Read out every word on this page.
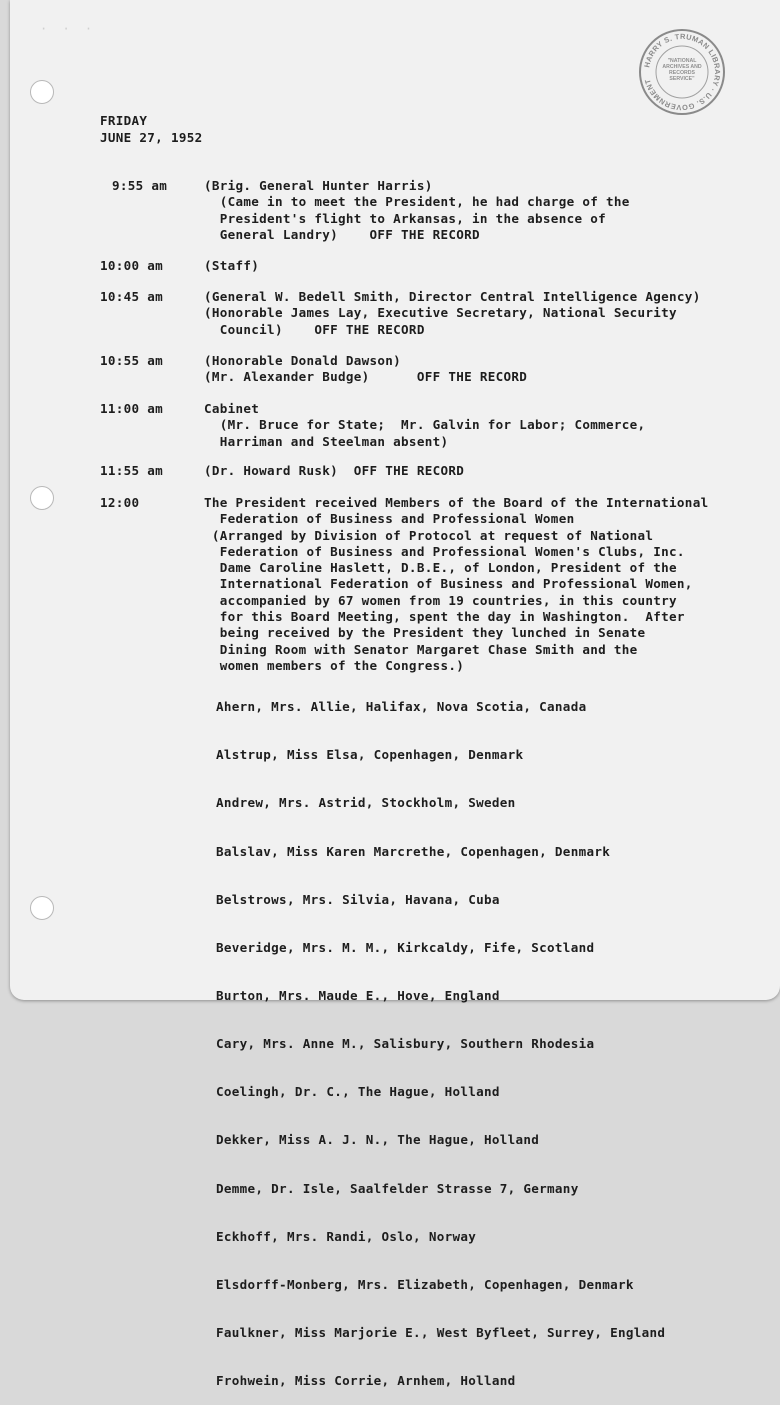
· · ·
HARRY S. TRUMAN LIBRARY · U.S. GOVERNMENT
"NATIONAL ARCHIVES AND RECORDS SERVICE"
FRIDAY
JUNE 27, 1952
9:55 am	(Brig. General Hunter Harris)
(Came in to meet the President, he had charge of the
President's flight to Arkansas, in the absence of
General Landry)    OFF THE RECORD
10:00 am	(Staff)
10:45 am	(General W. Bedell Smith, Director Central Intelligence Agency)
(Honorable James Lay, Executive Secretary, National Security
Council)    OFF THE RECORD
10:55 am	(Honorable Donald Dawson)
(Mr. Alexander Budge)      OFF THE RECORD
11:00 am	Cabinet
(Mr. Bruce for State;  Mr. Galvin for Labor; Commerce,
Harriman and Steelman absent)
11:55 am	(Dr. Howard Rusk)  OFF THE RECORD
12:00	The President received Members of the Board of the International
Federation of Business and Professional Women
(Arranged by Division of Protocol at request of National
Federation of Business and Professional Women's Clubs, Inc.
Dame Caroline Haslett, D.B.E., of London, President of the
International Federation of Business and Professional Women,
accompanied by 67 women from 19 countries, in this country
for this Board Meeting, spent the day in Washington.  After
being received by the President they lunched in Senate
Dining Room with Senator Margaret Chase Smith and the
women members of the Congress.)

Ahern, Mrs. Allie, Halifax, Nova Scotia, Canada

Alstrup, Miss Elsa, Copenhagen, Denmark

Andrew, Mrs. Astrid, Stockholm, Sweden

Balslav, Miss Karen Marcrethe, Copenhagen, Denmark

Belstrows, Mrs. Silvia, Havana, Cuba

Beveridge, Mrs. M. M., Kirkcaldy, Fife, Scotland

Burton, Mrs. Maude E., Hove, England

Cary, Mrs. Anne M., Salisbury, Southern Rhodesia

Coelingh, Dr. C., The Hague, Holland

Dekker, Miss A. J. N., The Hague, Holland

Demme, Dr. Isle, Saalfelder Strasse 7, Germany

Eckhoff, Mrs. Randi, Oslo, Norway

Elsdorff-Monberg, Mrs. Elizabeth, Copenhagen, Denmark

Faulkner, Miss Marjorie E., West Byfleet, Surrey, England

Frohwein, Miss Corrie, Arnhem, Holland
